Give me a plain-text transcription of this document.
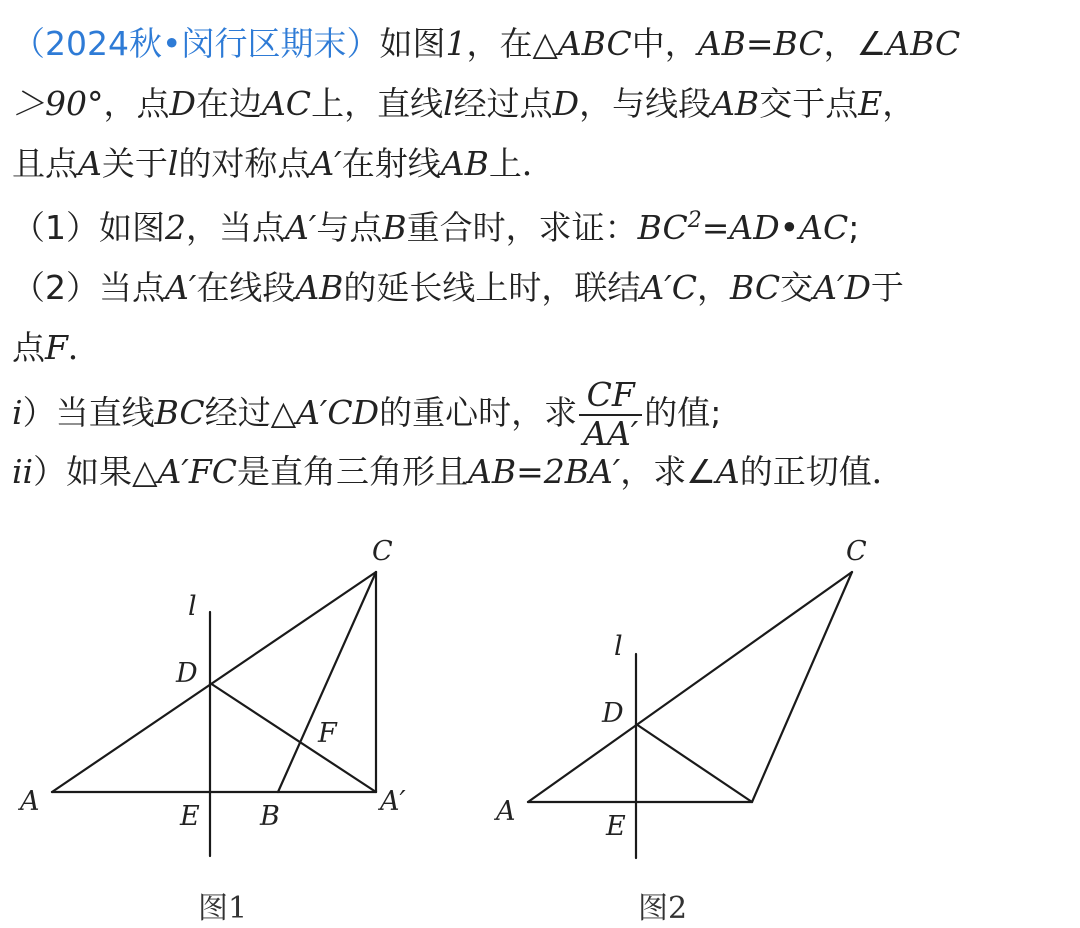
（2024秋•闵行区期末）如图1，在△ABC中，AB=BC，∠ABC
＞90°，点D在边AC上，直线l经过点D，与线段AB交于点E，
且点A关于l的对称点A′在射线AB上．
（1）如图2，当点A′与点B重合时，求证：$BC^2=AD•AC$;
（2）当点A′在线段AB的延长线上时，联结A′C，BC交A′D于
点F．
i）当直线BC经过△A′CD的重心时，求 $\frac{CF}{AA'}$ 的值;
ii）如果△A′FC是直角三角形且AB=2BA′，求∠A的正切值．
l
C
D
F
A	E B	A′
图1
l
C
D
A	E
图2
